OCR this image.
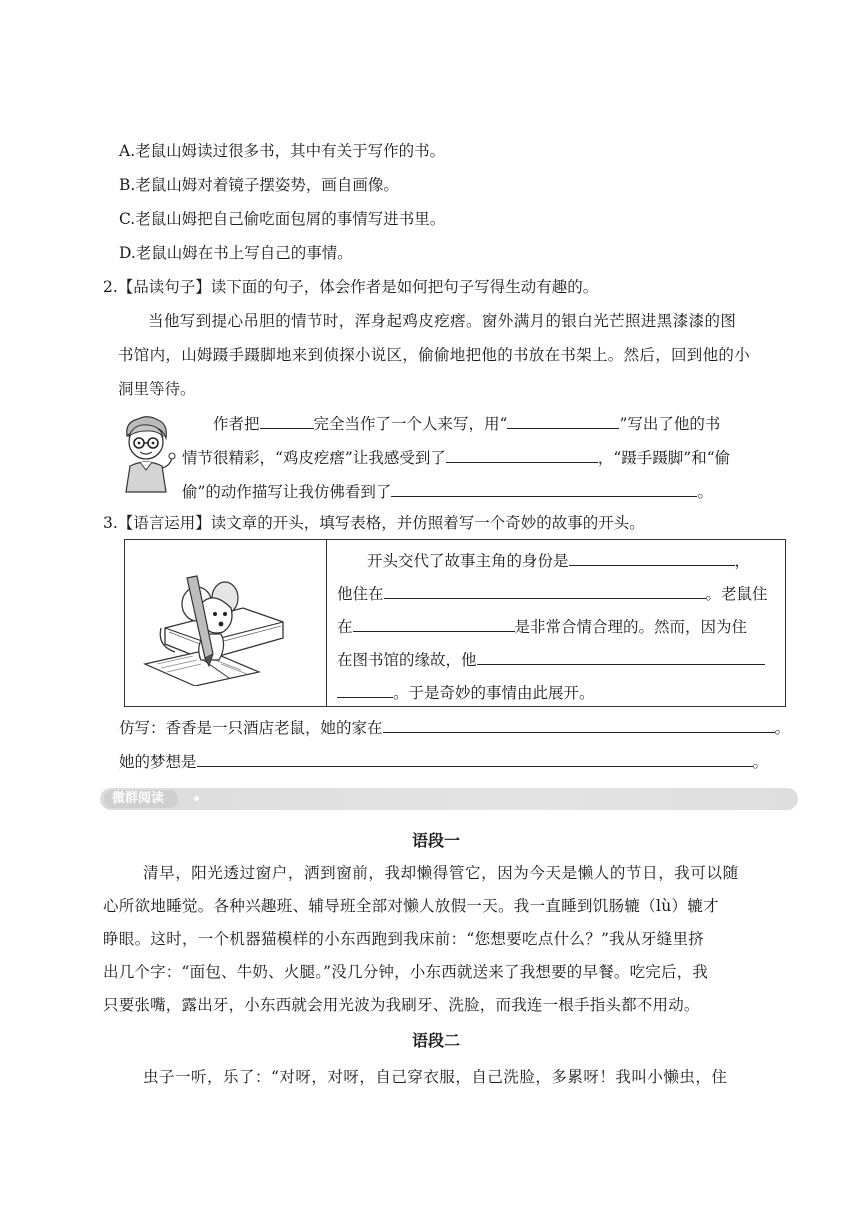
A.老鼠山姆读过很多书，其中有关于写作的书。
B.老鼠山姆对着镜子摆姿势，画自画像。
C.老鼠山姆把自己偷吃面包屑的事情写进书里。
D.老鼠山姆在书上写自己的事情。
2.【品读句子】读下面的句子，体会作者是如何把句子写得生动有趣的。
当他写到提心吊胆的情节时，浑身起鸡皮疙瘩。窗外满月的银白光芒照进黑漆漆的图
书馆内，山姆蹑手蹑脚地来到侦探小说区，偷偷地把他的书放在书架上。然后，回到他的小
洞里等待。
作者把	完全当作了一个人来写，用“	”写出了他的书
情节很精彩，“鸡皮疙瘩”让我感受到了	，“蹑手蹑脚”和“偷
偷”的动作描写让我仿佛看到了	。
3.【语言运用】读文章的开头，填写表格，并仿照着写一个奇妙的故事的开头。

开头交代了故事主角的身份是	，
他住在	。老鼠住
在	是非常合情合理的。然而，因为住
在图书馆的缘故，他
。于是奇妙的事情由此展开。
仿写：香香是一只酒店老鼠，她的家在	。
她的梦想是	。
微群阅读
语段一
清早，阳光透过窗户，洒到窗前，我却懒得管它，因为今天是懒人的节日，我可以随
心所欲地睡觉。各种兴趣班、辅导班全部对懒人放假一天。我一直睡到饥肠辘（lù）辘才
睁眼。这时，一个机器猫模样的小东西跑到我床前：“您想要吃点什么？”我从牙缝里挤
出几个字：“面包、牛奶、火腿。”没几分钟，小东西就送来了我想要的早餐。吃完后，我
只要张嘴，露出牙，小东西就会用光波为我刷牙、洗脸，而我连一根手指头都不用动。
语段二
虫子一听，乐了：“对呀，对呀，自己穿衣服，自己洗脸，多累呀！我叫小懒虫，住
